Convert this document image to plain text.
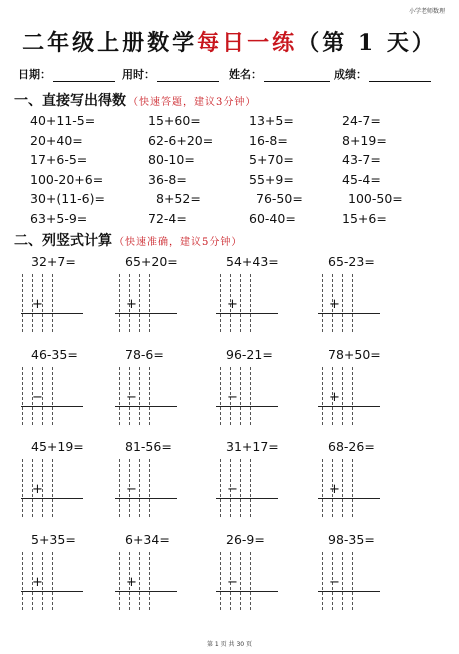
小学老师数理
二年级上册数学每日一练（第 1 天）
日期：	用时：	姓名：	成绩：
一、直接写出得数 （快速答题，建议3分钟）
40+11-5=	15+60=	13+5=	24-7=
20+40=	62-6+20=	16-8=	8+19=
17+6-5=	80-10=	5+70=	43-7=
100-20+6=	36-8=	55+9=	45-4=
30+(11-6)=	8+52=	76-50=	100-50=
63+5-9=	72-4=	60-40=	15+6=
二、列竖式计算 （快速准确，建议5分钟）
32+7=
+
65+20=
+
54+43=
+
65-23=
+
46-35=
−
78-6=
−
96-21=
−
78+50=
+
45+19=
+
81-56=
−
31+17=
−
68-26=
+
5+35=
+
6+34=
+
26-9=
−
98-35=
−
第 1 页 共 30 页
